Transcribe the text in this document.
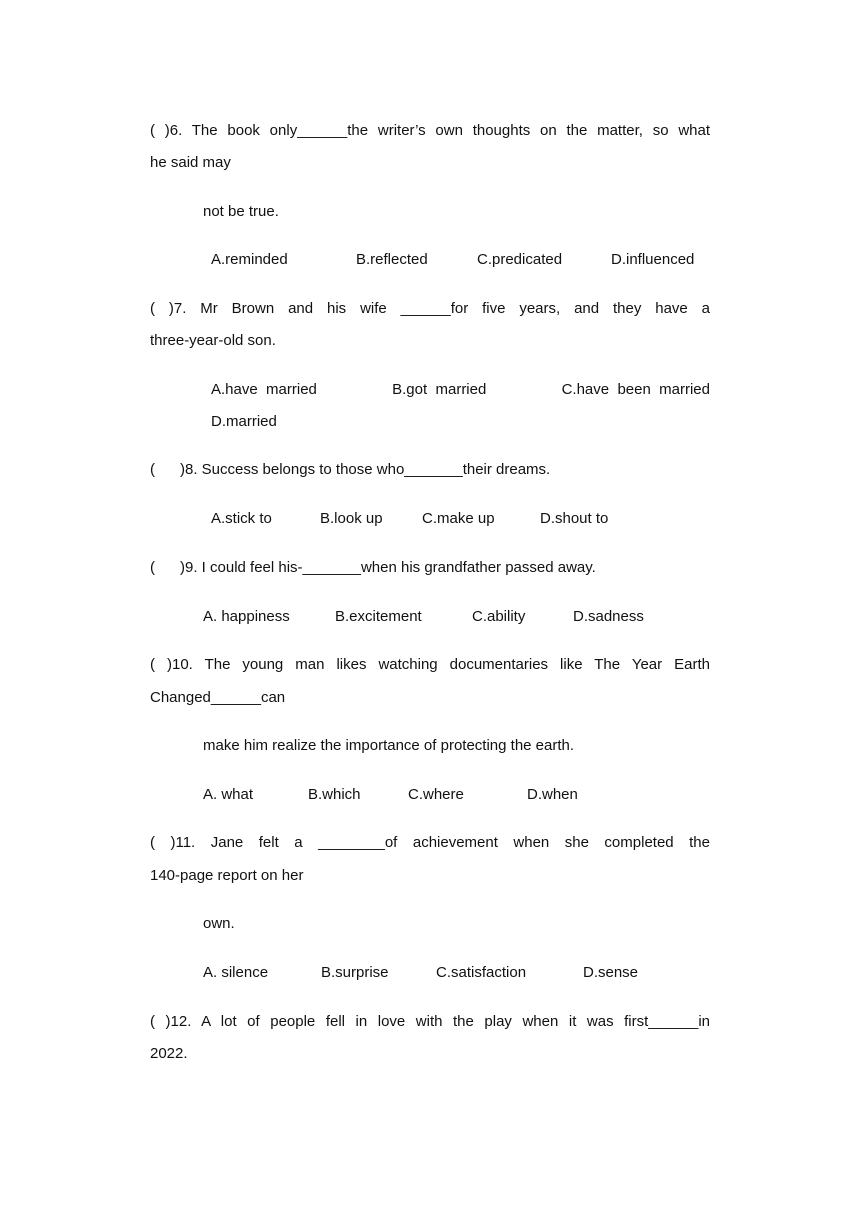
( )6. The book only______the writer’s own thoughts on the matter, so what
he said may
not be true.
A.reminded	B.reflected	C.predicated	D.influenced
( )7. Mr Brown and his wife ______for five years, and they have a
three-year-old son.
A.have  married	B.got  married	C.have  been  married
D.married
(      )8. Success belongs to those who_______their dreams.
A.stick to	B.look up	C.make up	D.shout to
(      )9. I could feel his-_______when his grandfather passed away.
A. happiness	B.excitement	C.ability	D.sadness
( )10. The young man likes watching documentaries like The Year Earth
Changed______can
make him realize the importance of protecting the earth.
A. what	B.which	C.where	D.when
( )11. Jane felt a ________of achievement when she completed the
140-page report on her
own.
A. silence	B.surprise	C.satisfaction	D.sense
( )12. A lot of people fell in love with the play when it was first______in
2022.
